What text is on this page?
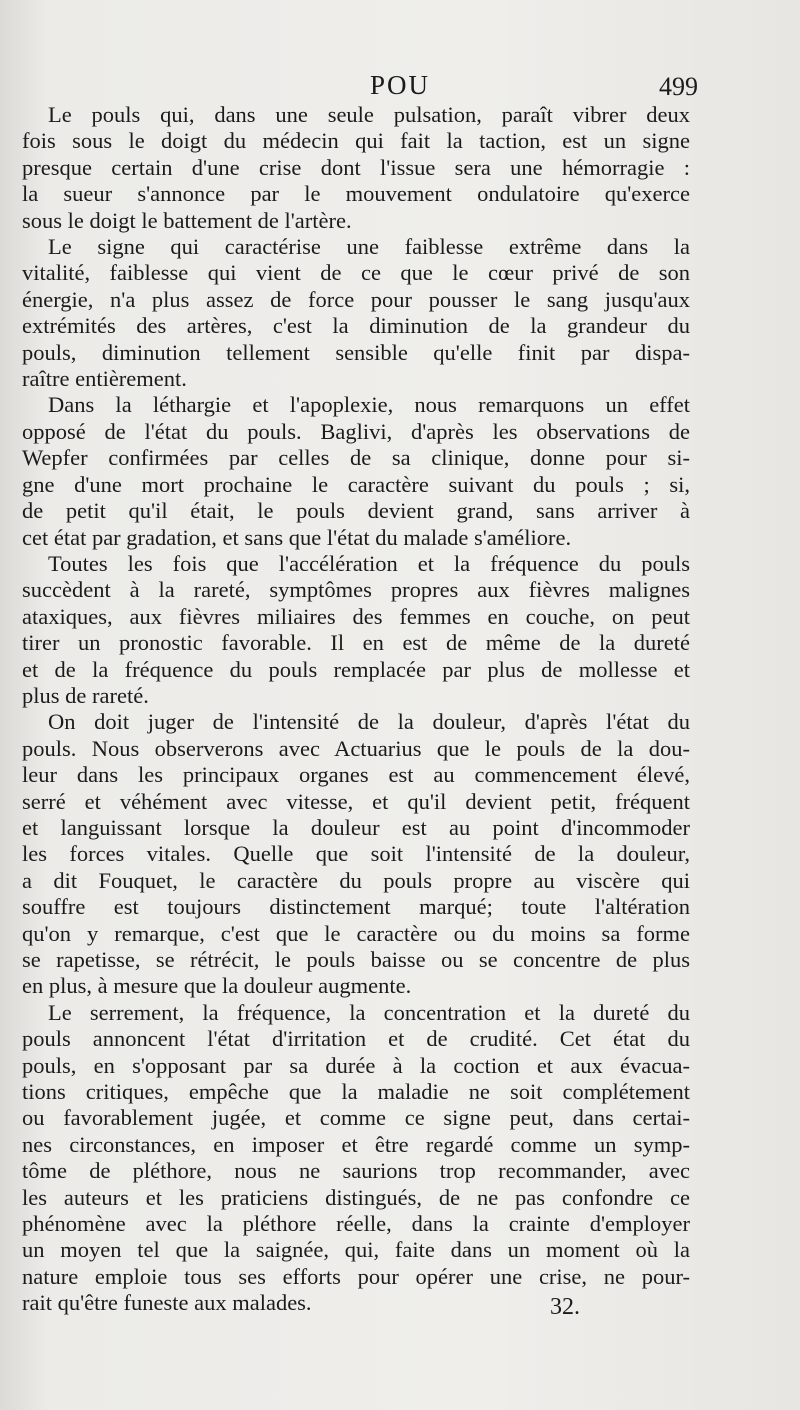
POU	499
Le pouls qui, dans une seule pulsation, paraît vibrer deux
fois sous le doigt du médecin qui fait la taction, est un signe
presque certain d'une crise dont l'issue sera une hémorragie :
la sueur s'annonce par le mouvement ondulatoire qu'exerce
sous le doigt le battement de l'artère.
Le signe qui caractérise une faiblesse extrême dans la
vitalité, faiblesse qui vient de ce que le cœur privé de son
énergie, n'a plus assez de force pour pousser le sang jusqu'aux
extrémités des artères, c'est la diminution de la grandeur du
pouls, diminution tellement sensible qu'elle finit par dispa-
raître entièrement.
Dans la léthargie et l'apoplexie, nous remarquons un effet
opposé de l'état du pouls. Baglivi, d'après les observations de
Wepfer confirmées par celles de sa clinique, donne pour si-
gne d'une mort prochaine le caractère suivant du pouls ; si,
de petit qu'il était, le pouls devient grand, sans arriver à
cet état par gradation, et sans que l'état du malade s'améliore.
Toutes les fois que l'accélération et la fréquence du pouls
succèdent à la rareté, symptômes propres aux fièvres malignes
ataxiques, aux fièvres miliaires des femmes en couche, on peut
tirer un pronostic favorable. Il en est de même de la dureté
et de la fréquence du pouls remplacée par plus de mollesse et
plus de rareté.
On doit juger de l'intensité de la douleur, d'après l'état du
pouls. Nous observerons avec Actuarius que le pouls de la dou-
leur dans les principaux organes est au commencement élevé,
serré et véhément avec vitesse, et qu'il devient petit, fréquent
et languissant lorsque la douleur est au point d'incommoder
les forces vitales. Quelle que soit l'intensité de la douleur,
a dit Fouquet, le caractère du pouls propre au viscère qui
souffre est toujours distinctement marqué; toute l'altération
qu'on y remarque, c'est que le caractère ou du moins sa forme
se rapetisse, se rétrécit, le pouls baisse ou se concentre de plus
en plus, à mesure que la douleur augmente.
Le serrement, la fréquence, la concentration et la dureté du
pouls annoncent l'état d'irritation et de crudité. Cet état du
pouls, en s'opposant par sa durée à la coction et aux évacua-
tions critiques, empêche que la maladie ne soit complétement
ou favorablement jugée, et comme ce signe peut, dans certai-
nes circonstances, en imposer et être regardé comme un symp-
tôme de pléthore, nous ne saurions trop recommander, avec
les auteurs et les praticiens distingués, de ne pas confondre ce
phénomène avec la pléthore réelle, dans la crainte d'employer
un moyen tel que la saignée, qui, faite dans un moment où la
nature emploie tous ses efforts pour opérer une crise, ne pour-
rait qu'être funeste aux malades.	32.
